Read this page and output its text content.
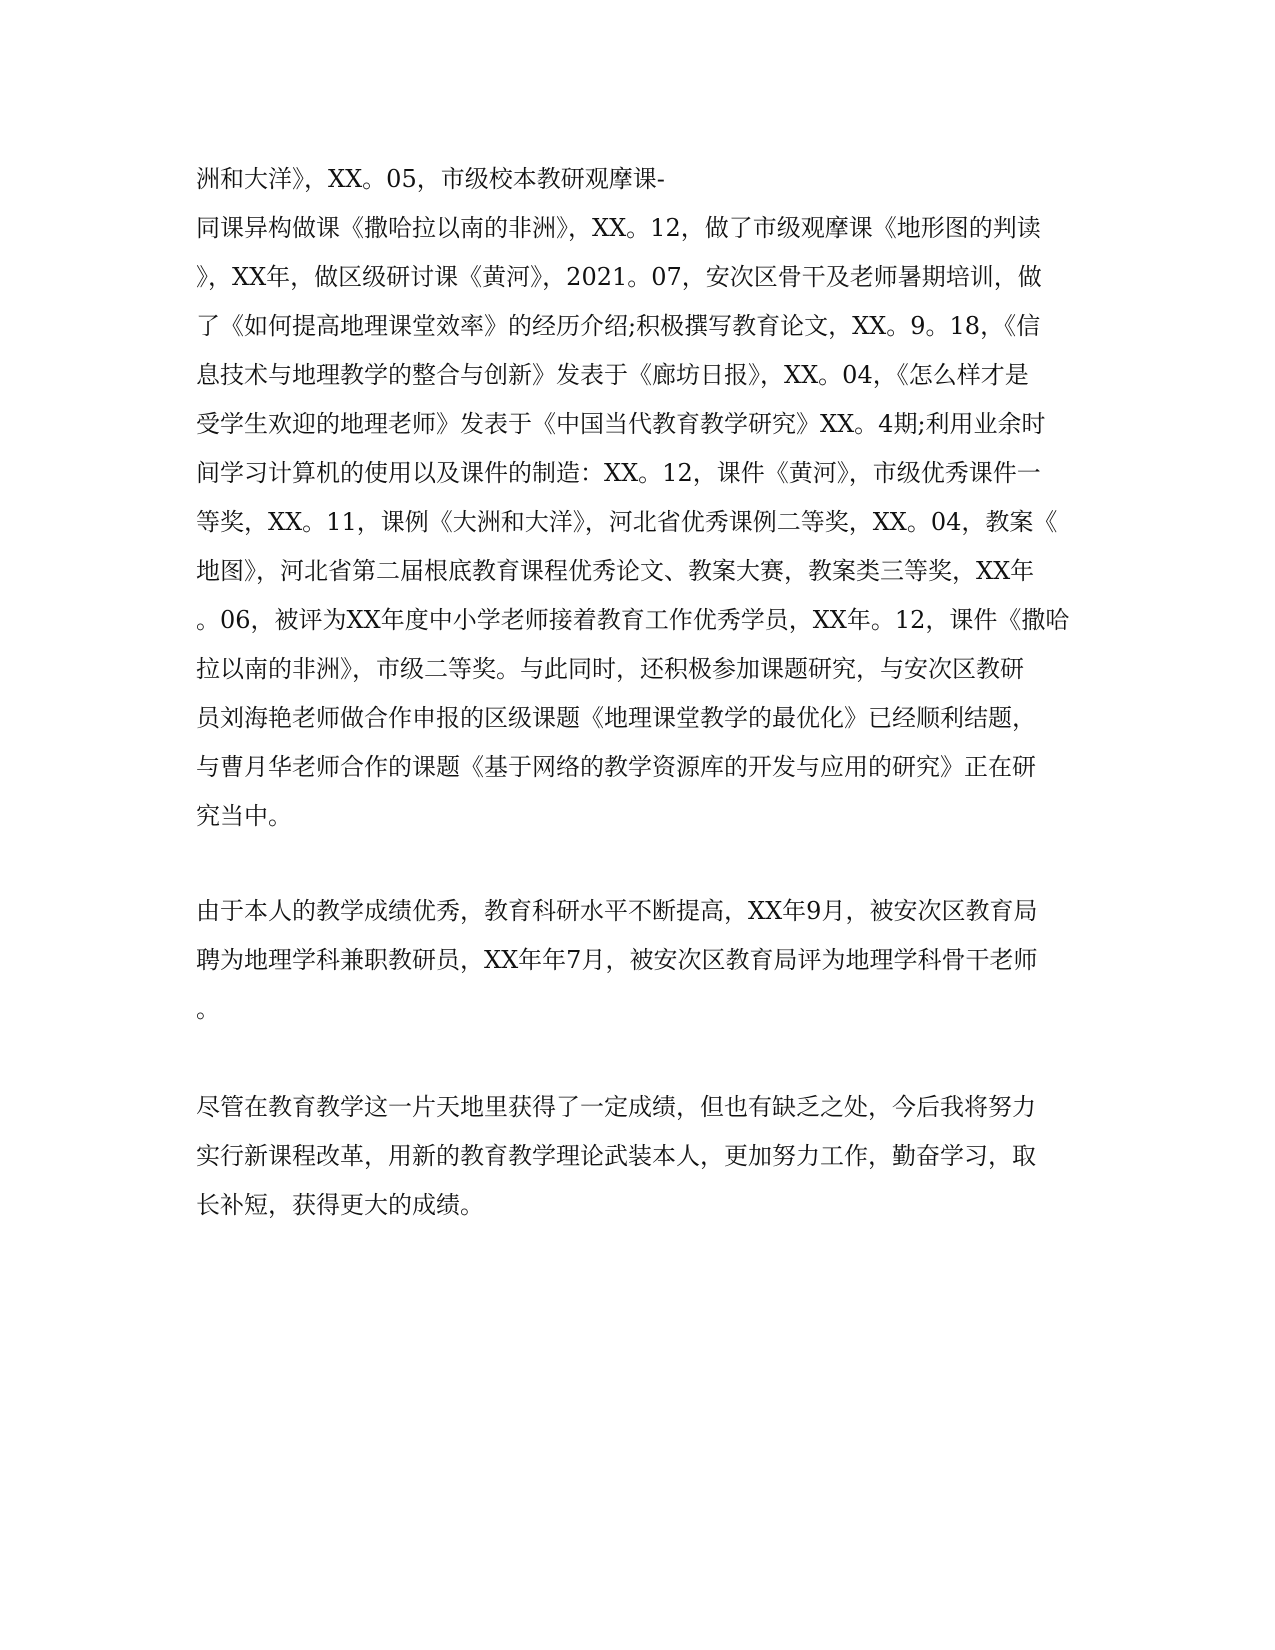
洲和大洋》，XX。05，市级校本教研观摩课-
同课异构做课《撒哈拉以南的非洲》，XX。12，做了市级观摩课《地形图的判读
》，XX年，做区级研讨课《黄河》，2021。07，安次区骨干及老师暑期培训，做
了《如何提高地理课堂效率》的经历介绍;积极撰写教育论文，XX。9。18，《信
息技术与地理教学的整合与创新》发表于《廊坊日报》，XX。04，《怎么样才是
受学生欢迎的地理老师》发表于《中国当代教育教学研究》XX。4期;利用业余时
间学习计算机的使用以及课件的制造：XX。12，课件《黄河》，市级优秀课件一
等奖，XX。11，课例《大洲和大洋》，河北省优秀课例二等奖，XX。04，教案《
地图》，河北省第二届根底教育课程优秀论文、教案大赛，教案类三等奖，XX年
。06，被评为XX年度中小学老师接着教育工作优秀学员，XX年。12，课件《撒哈
拉以南的非洲》，市级二等奖。与此同时，还积极参加课题研究，与安次区教研
员刘海艳老师做合作申报的区级课题《地理课堂教学的最优化》已经顺利结题，
与曹月华老师合作的课题《基于网络的教学资源库的开发与应用的研究》正在研
究当中。
由于本人的教学成绩优秀，教育科研水平不断提高，XX年9月，被安次区教育局
聘为地理学科兼职教研员，XX年年7月，被安次区教育局评为地理学科骨干老师
。
尽管在教育教学这一片天地里获得了一定成绩，但也有缺乏之处，今后我将努力
实行新课程改革，用新的教育教学理论武装本人，更加努力工作，勤奋学习，取
长补短，获得更大的成绩。
